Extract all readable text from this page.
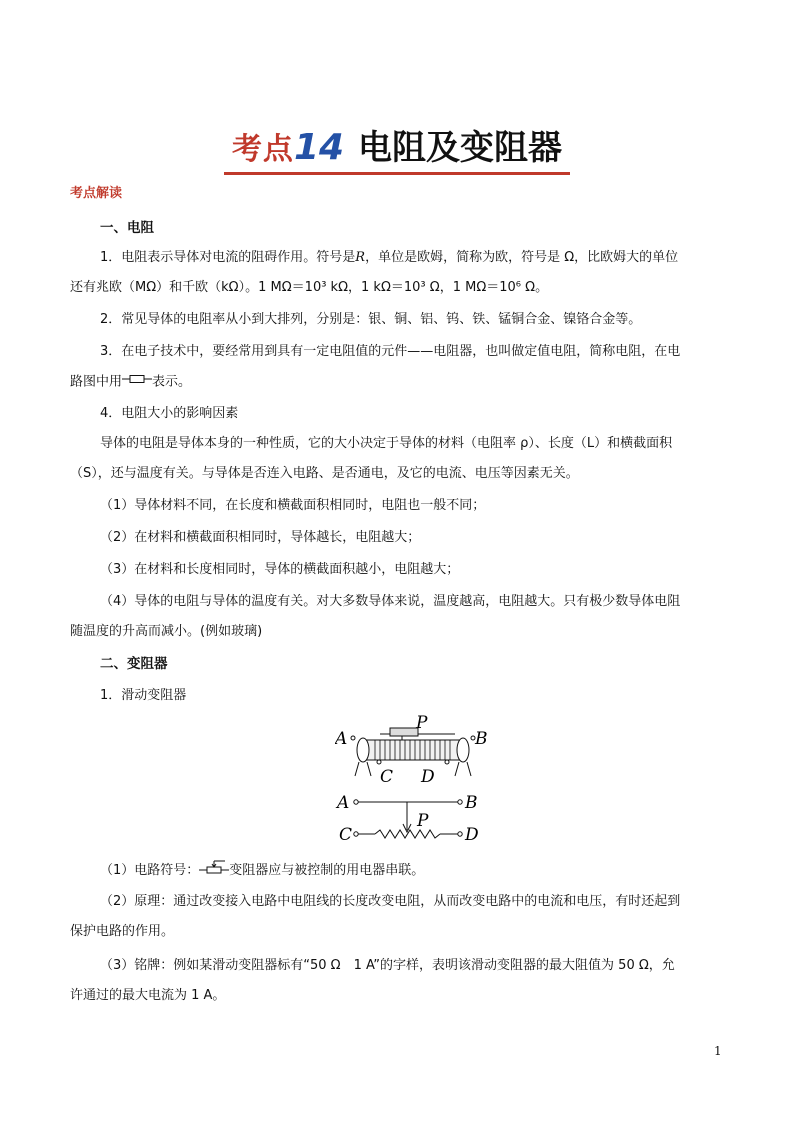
考点14 电阻及变阻器
考点解读
一、电阻
1．电阻表示导体对电流的阻碍作用。符号是R，单位是欧姆，简称为欧，符号是 Ω，比欧姆大的单位
还有兆欧（MΩ）和千欧（kΩ）。1 MΩ＝10³ kΩ，1 kΩ＝10³ Ω，1 MΩ＝10⁶ Ω。
2．常见导体的电阻率从小到大排列，分别是：银、铜、铝、钨、铁、锰铜合金、镍铬合金等。
3．在电子技术中，要经常用到具有一定电阻值的元件——电阻器，也叫做定值电阻，简称电阻，在电
路图中用 表示。
4．电阻大小的影响因素
导体的电阻是导体本身的一种性质，它的大小决定于导体的材料（电阻率 ρ）、长度（L）和横截面积
（S），还与温度有关。与导体是否连入电路、是否通电，及它的电流、电压等因素无关。
（1）导体材料不同，在长度和横截面积相同时，电阻也一般不同；
（2）在材料和横截面积相同时，导体越长，电阻越大；
（3）在材料和长度相同时，导体的横截面积越小，电阻越大；
（4）导体的电阻与导体的温度有关。对大多数导体来说，温度越高，电阻越大。只有极少数导体电阻
随温度的升高而减小。(例如玻璃)
二、变阻器
1．滑动变阻器
A	B
P
C D
A	B
P
C	D
（1）电路符号： 变阻器应与被控制的用电器串联。
（2）原理：通过改变接入电路中电阻线的长度改变电阻，从而改变电路中的电流和电压，有时还起到
保护电路的作用。
（3）铭牌：例如某滑动变阻器标有“50 Ω　1 A”的字样，表明该滑动变阻器的最大阻值为 50 Ω，允
许通过的最大电流为 1 A。
1
